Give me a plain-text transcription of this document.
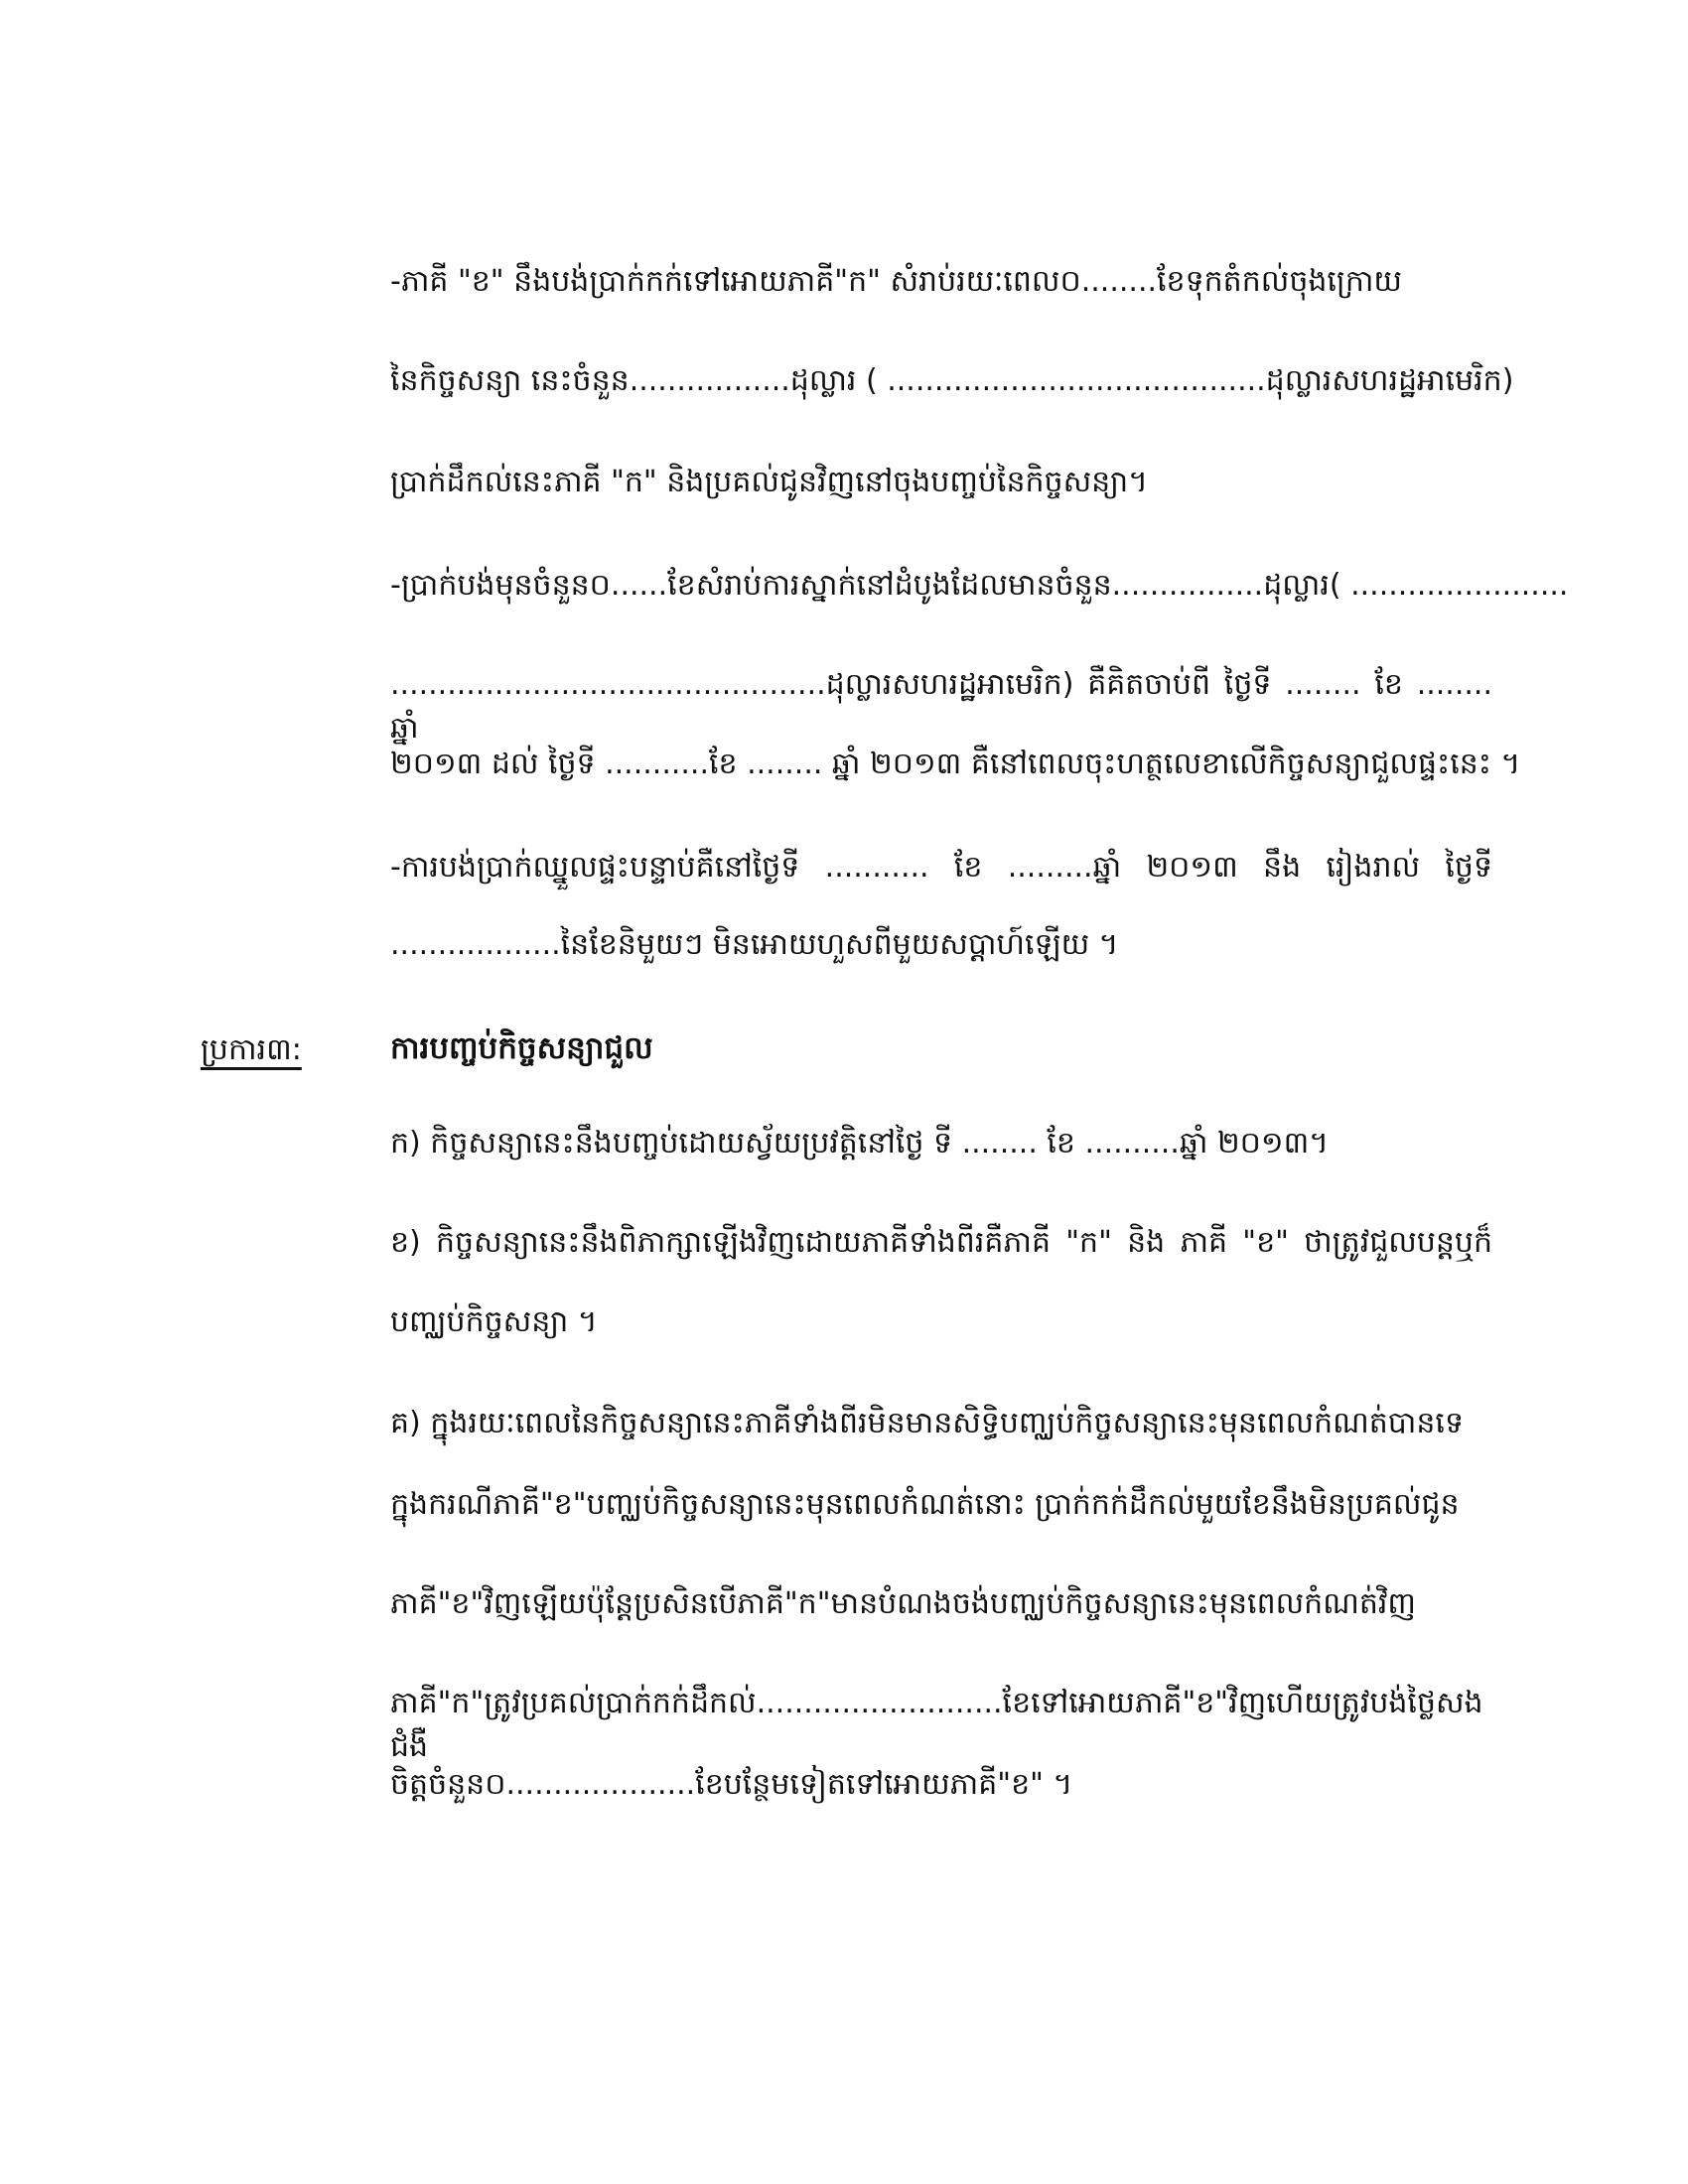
-ភាគី "ខ" នឹងបង់ប្រាក់កក់ទៅអោយភាគី"ក" សំរាប់រយៈពេល០........ខែទុកតំកល់ចុងក្រោយ
នៃកិច្ចសន្យា នេះចំនួន.................ដុល្លារ ( ........................................ដុល្លារសហរដ្ឋអាមេរិក)
ប្រាក់ដឹកល់នេះភាគី "ក" និងប្រគល់ជូនវិញនៅចុងបញ្ចប់នៃកិច្ចសន្យា។
-ប្រាក់បង់មុនចំនួន០......ខែសំរាប់ការស្នាក់នៅដំបូងដែលមានចំនួន................ដុល្លារ( .......................
..............................................ដុល្លារសហរដ្ឋអាមេរិក) គឺគិតចាប់ពី ថ្ងៃទី ........ ខែ ........ ឆ្នាំ
២០១៣ ដល់ ថ្ងៃទី ...........ខែ ........ ឆ្នាំ ២០១៣ គឺនៅពេលចុះហត្ថលេខាលើកិច្ចសន្យាជួលផ្ទះនេះ ។
-ការបង់ប្រាក់ឈ្នួលផ្ទះបន្ទាប់គឺនៅថ្ងៃទី ........... ខែ .........ឆ្នាំ ២០១៣ នឹង រៀងរាល់ ថ្ងៃទី
..................នៃខែនិមួយៗ មិនអោយហួសពីមួយសប្តាហ៍ឡើយ ។
ប្រការ៣:	ការបញ្ចប់កិច្ចសន្យាជួល
ក) កិច្ចសន្យានេះនឹងបញ្ចប់ដោយស្វ័យប្រវត្តិនៅថ្ងៃ ទី ........ ខែ ..........ឆ្នាំ ២០១៣។
ខ) កិច្ចសន្យានេះនឹងពិភាក្សាឡើងវិញដោយភាគីទាំងពីរគឺភាគី "ក" និង ភាគី "ខ" ថាត្រូវជួលបន្តឬក៏
បញ្ឈប់កិច្ចសន្យា ។
គ) ក្នុងរយៈពេលនៃកិច្ចសន្យានេះភាគីទាំងពីរមិនមានសិទ្ធិបញ្ឈប់កិច្ចសន្យានេះមុនពេលកំណត់បានទេ
ក្នុងករណីភាគី"ខ"បញ្ឈប់កិច្ចសន្យានេះមុនពេលកំណត់នោះ ប្រាក់កក់ដឹកល់មួយខែនឹងមិនប្រគល់ជូន
ភាគី"ខ"វិញឡើយប៉ុន្តែប្រសិនបើភាគី"ក"មានបំណងចង់បញ្ឈប់កិច្ចសន្យានេះមុនពេលកំណត់វិញ
ភាគី"ក"ត្រូវប្រគល់ប្រាក់កក់ដឹកល់..........................ខែទៅអោយភាគី"ខ"វិញហើយត្រូវបង់ថ្លៃសងជំងឺ
ចិត្តចំនួន០....................ខែបន្ថែមទៀតទៅអោយភាគី"ខ" ។
